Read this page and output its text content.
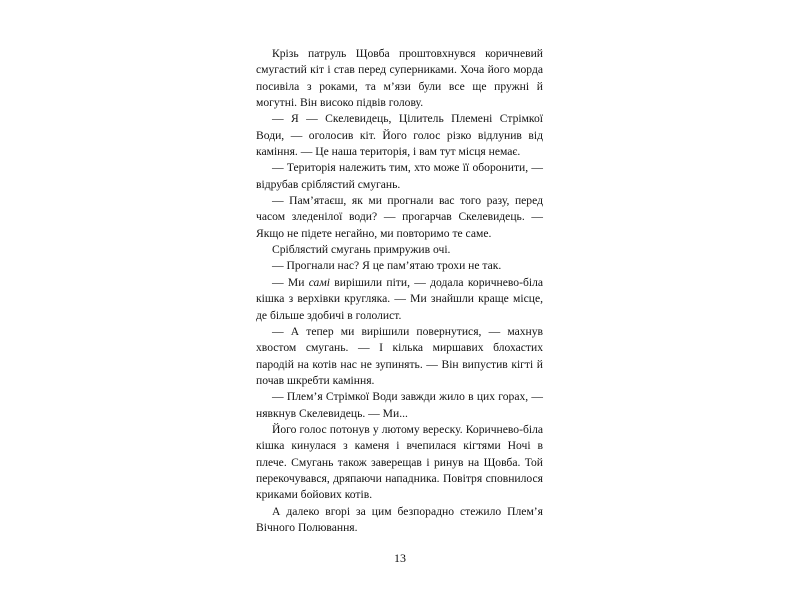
Крізь патруль Щовба проштовхнувся коричневий смугастий кіт і став перед суперниками. Хоча його морда посивіла з роками, та м’язи були все ще пружні й могутні. Він високо підвів голову.

— Я — Скелевидець, Цілитель Племені Стрімкої Води, — оголосив кіт. Його голос різко відлунив від каміння. — Це наша територія, і вам тут місця немає.

— Територія належить тим, хто може її оборонити, — відрубав сріблястий смугань.

— Пам’ятаєш, як ми прогнали вас того разу, перед часом зледенілої води? — прогарчав Скелевидець. — Якщо не підете негайно, ми повторимо те саме.

Сріблястий смугань примружив очі.

— Прогнали нас? Я це пам’ятаю трохи не так.

— Ми самі вирішили піти, — додала коричнево-біла кішка з верхівки кругляка. — Ми знайшли краще місце, де більше здобичі в гололист.

— А тепер ми вирішили повернутися, — махнув хвостом смугань. — І кілька миршавих блохастих пародій на котів нас не зупинять. — Він випустив кігті й почав шкребти каміння.

— Плем’я Стрімкої Води завжди жило в цих горах, — нявкнув Скелевидець. — Ми...

Його голос потонув у лютому вереску. Коричнево-біла кішка кинулася з каменя і вчепилася кігтями Ночі в плече. Смугань також заверещав і ринув на Щовба. Той перекочувався, дряпаючи нападника. Повітря сповнилося криками бойових котів.

А далеко вгорі за цим безпорадно стежило Плем’я Вічного Полювання.

13
